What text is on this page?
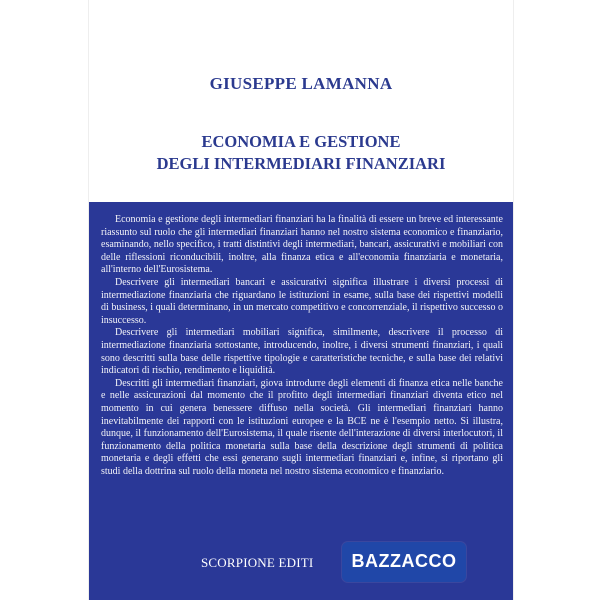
GIUSEPPE LAMANNA
ECONOMIA E GESTIONE
DEGLI INTERMEDIARI FINANZIARI

Economia e gestione degli intermediari finanziari ha la finalità di essere un breve ed interessante riassunto sul ruolo che gli intermediari finanziari hanno nel nostro sistema economico e finanziario, esaminando, nello specifico, i tratti distintivi degli intermediari, bancari, assicurativi e mobiliari con delle riflessioni riconducibili, inoltre, alla finanza etica e all'economia finanziaria e monetaria, all'interno dell'Eurosistema.

Descrivere gli intermediari bancari e assicurativi significa illustrare i diversi processi di intermediazione finanziaria che riguardano le istituzioni in esame, sulla base dei rispettivi modelli di business, i quali determinano, in un mercato competitivo e concorrenziale, il rispettivo successo o insuccesso.

Descrivere gli intermediari mobiliari significa, similmente, descrivere il processo di intermediazione finanziaria sottostante, introducendo, inoltre, i diversi strumenti finanziari, i quali sono descritti sulla base delle rispettive tipologie e caratteristiche tecniche, e sulla base dei relativi indicatori di rischio, rendimento e liquidità.

Descritti gli intermediari finanziari, giova introdurre degli elementi di finanza etica nelle banche e nelle assicurazioni dal momento che il profitto degli intermediari finanziari diventa etico nel momento in cui genera benessere diffuso nella società. Gli intermediari finanziari hanno inevitabilmente dei rapporti con le istituzioni europee e la BCE ne è l'esempio netto. Si illustra, dunque, il funzionamento dell'Eurosistema, il quale risente dell'interazione di diversi interlocutori, il funzionamento della politica monetaria sulla base della descrizione degli strumenti di politica monetaria e degli effetti che essi generano sugli intermediari finanziari e, infine, si riportano gli studi della dottrina sul ruolo della moneta nel nostro sistema economico e finanziario.

SCORPIONE EDITI	BAZZACCO
